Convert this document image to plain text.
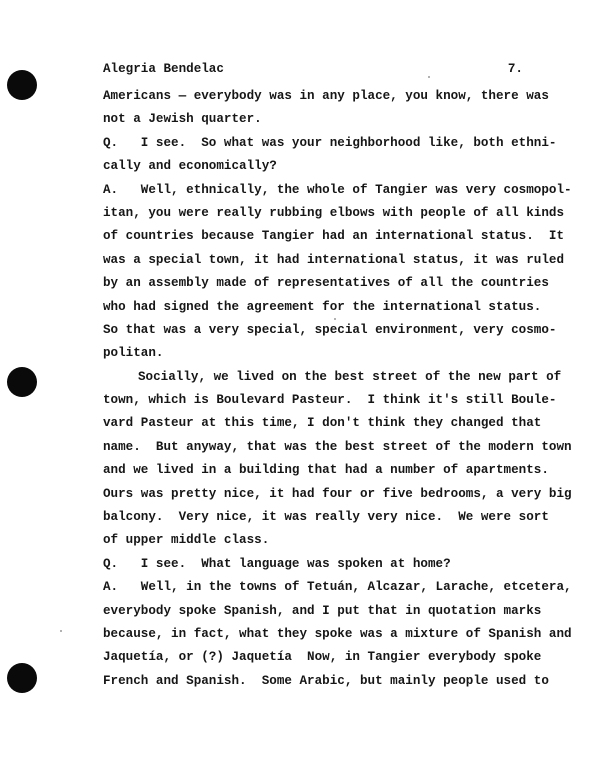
Alegria Bendelac	7.
Americans — everybody was in any place, you know, there was
not a Jewish quarter.
Q.   I see.  So what was your neighborhood like, both ethni-
cally and economically?
A.   Well, ethnically, the whole of Tangier was very cosmopol-
itan, you were really rubbing elbows with people of all kinds
of countries because Tangier had an international status.  It
was a special town, it had international status, it was ruled
by an assembly made of representatives of all the countries
who had signed the agreement for the international status.
So that was a very special, special environment, very cosmo-
politan.
Socially, we lived on the best street of the new part of
town, which is Boulevard Pasteur.  I think it's still Boule-
vard Pasteur at this time, I don't think they changed that
name.  But anyway, that was the best street of the modern town
and we lived in a building that had a number of apartments.
Ours was pretty nice, it had four or five bedrooms, a very big
balcony.  Very nice, it was really very nice.  We were sort
of upper middle class.
Q.   I see.  What language was spoken at home?
A.   Well, in the towns of Tetuán, Alcazar, Larache, etcetera,
everybody spoke Spanish, and I put that in quotation marks
because, in fact, what they spoke was a mixture of Spanish and
Jaquetía, or (?) Jaquetía  Now, in Tangier everybody spoke
French and Spanish.  Some Arabic, but mainly people used to
